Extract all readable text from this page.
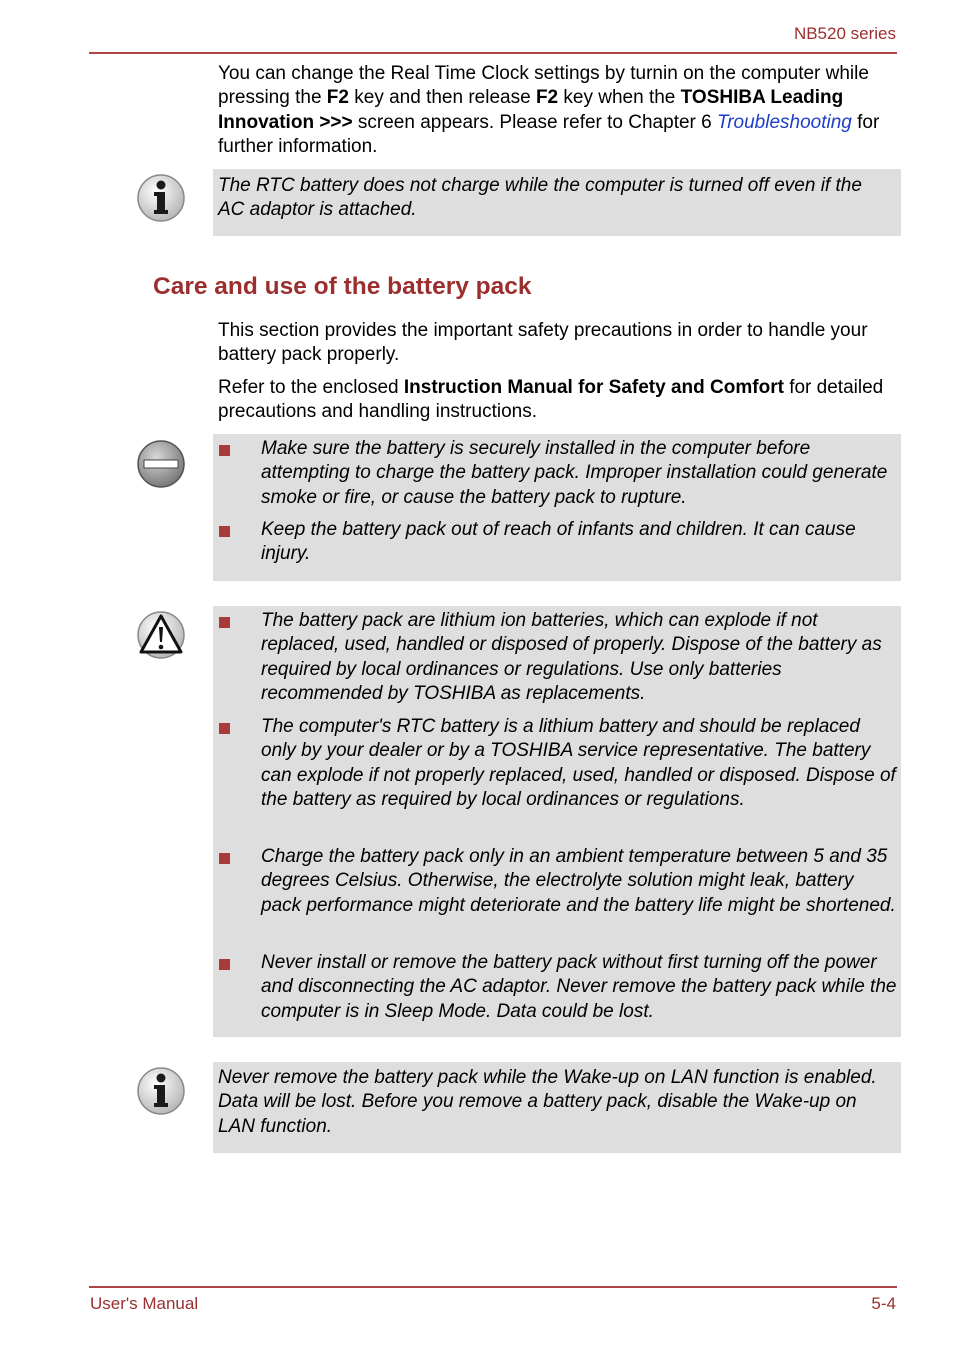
NB520 series

You can change the Real Time Clock settings by turnin on the computer while pressing the F2 key and then release F2 key when the TOSHIBA Leading Innovation >>> screen appears. Please refer to Chapter 6 Troubleshooting for further information.

The RTC battery does not charge while the computer is turned off even if the AC adaptor is attached.

Care and use of the battery pack

This section provides the important safety precautions in order to handle your battery pack properly.

Refer to the enclosed Instruction Manual for Safety and Comfort for detailed precautions and handling instructions.

Make sure the battery is securely installed in the computer before attempting to charge the battery pack. Improper installation could generate smoke or fire, or cause the battery pack to rupture.

Keep the battery pack out of reach of infants and children. It can cause injury.

The battery pack are lithium ion batteries, which can explode if not replaced, used, handled or disposed of properly. Dispose of the battery as required by local ordinances or regulations. Use only batteries recommended by TOSHIBA as replacements.

The computer's RTC battery is a lithium battery and should be replaced only by your dealer or by a TOSHIBA service representative. The battery can explode if not properly replaced, used, handled or disposed. Dispose of the battery as required by local ordinances or regulations.

Charge the battery pack only in an ambient temperature between 5 and 35 degrees Celsius. Otherwise, the electrolyte solution might leak, battery pack performance might deteriorate and the battery life might be shortened.

Never install or remove the battery pack without first turning off the power and disconnecting the AC adaptor. Never remove the battery pack while the computer is in Sleep Mode. Data could be lost.

Never remove the battery pack while the Wake-up on LAN function is enabled. Data will be lost. Before you remove a battery pack, disable the Wake-up on LAN function.

User's Manual	5-4
